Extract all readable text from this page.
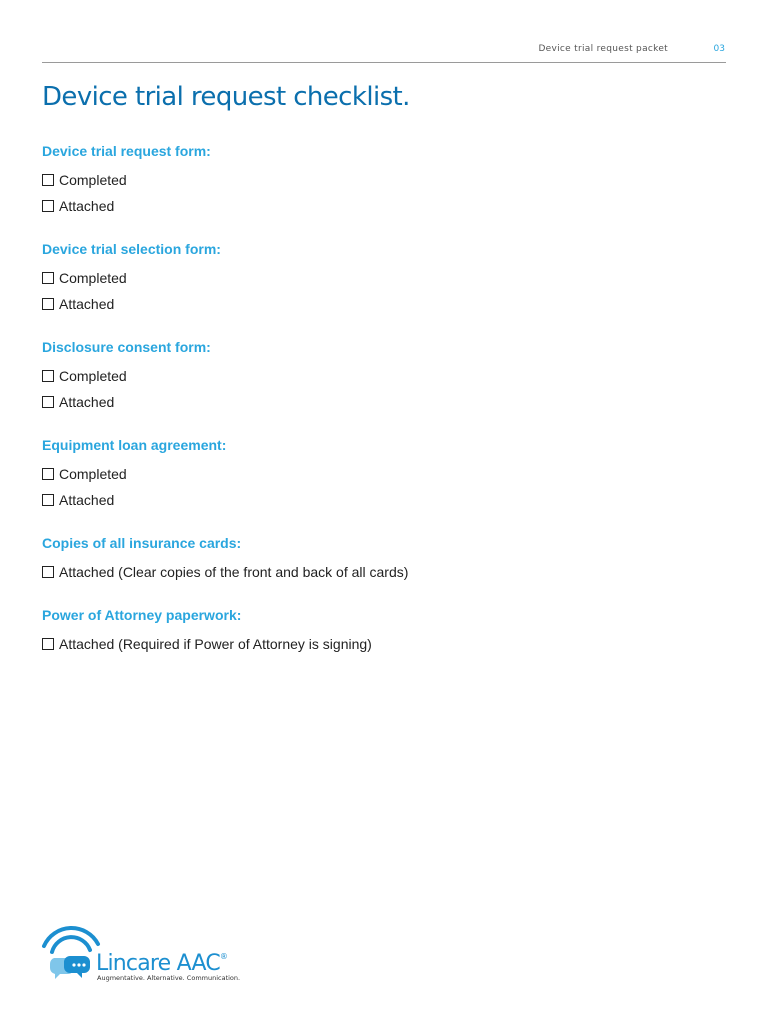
Device trial request packet	03
Device trial request checklist.
Device trial request form:
Completed
Attached
Device trial selection form:
Completed
Attached
Disclosure consent form:
Completed
Attached
Equipment loan agreement:
Completed
Attached
Copies of all insurance cards:
Attached (Clear copies of the front and back of all cards)
Power of Attorney paperwork:
Attached (Required if Power of Attorney is signing)
Lincare AAC®
Augmentative. Alternative. Communication.
